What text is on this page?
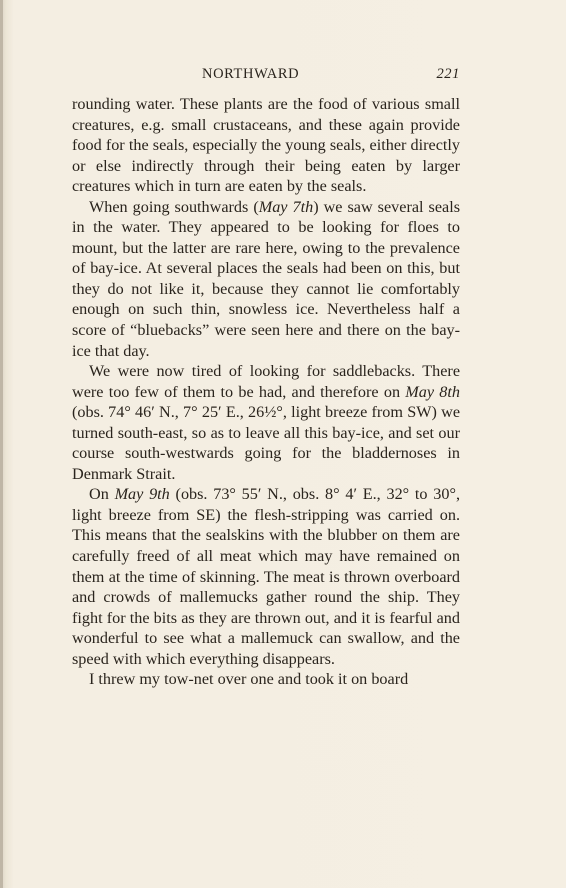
NORTHWARD	221

rounding water. These plants are the food of various small creatures, e.g. small crustaceans, and these again provide food for the seals, especially the young seals, either directly or else indirectly through their being eaten by larger creatures which in turn are eaten by the seals.

When going southwards (May 7th) we saw several seals in the water. They appeared to be looking for floes to mount, but the latter are rare here, owing to the prevalence of bay-ice. At several places the seals had been on this, but they do not like it, because they cannot lie comfortably enough on such thin, snowless ice. Nevertheless half a score of “bluebacks” were seen here and there on the bay-ice that day.

We were now tired of looking for saddlebacks. There were too few of them to be had, and therefore on May 8th (obs. 74° 46′ N., 7° 25′ E., 26½°, light breeze from SW) we turned south-east, so as to leave all this bay-ice, and set our course south-westwards going for the bladdernoses in Denmark Strait.

On May 9th (obs. 73° 55′ N., obs. 8° 4′ E., 32° to 30°, light breeze from SE) the flesh-stripping was carried on. This means that the sealskins with the blubber on them are carefully freed of all meat which may have remained on them at the time of skinning. The meat is thrown overboard and crowds of mallemucks gather round the ship. They fight for the bits as they are thrown out, and it is fearful and wonderful to see what a mallemuck can swallow, and the speed with which everything disappears.

I threw my tow-net over one and took it on board
